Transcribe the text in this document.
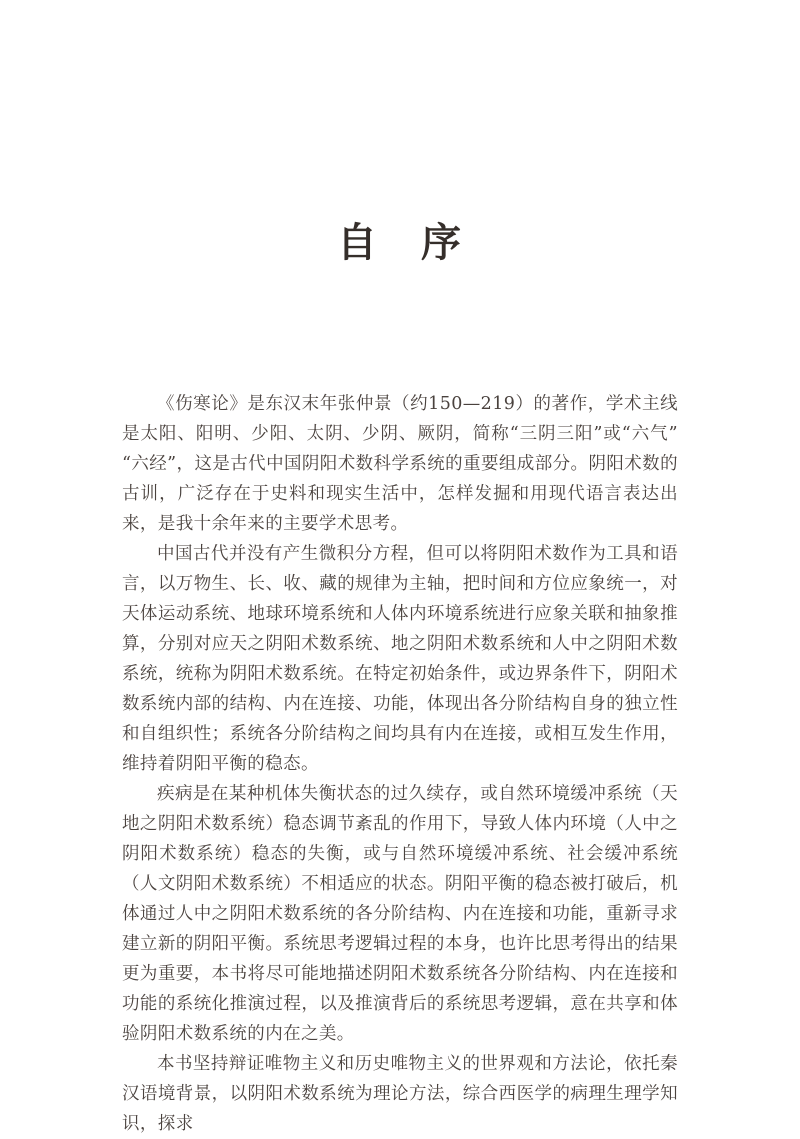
自　序

《伤寒论》是东汉末年张仲景（约150—219）的著作，学术主线是太阳、阳明、少阳、太阴、少阴、厥阴，简称“三阴三阳”或“六气”“六经”，这是古代中国阴阳术数科学系统的重要组成部分。阴阳术数的古训，广泛存在于史料和现实生活中，怎样发掘和用现代语言表达出来，是我十余年来的主要学术思考。

中国古代并没有产生微积分方程，但可以将阴阳术数作为工具和语言，以万物生、长、收、藏的规律为主轴，把时间和方位应象统一，对天体运动系统、地球环境系统和人体内环境系统进行应象关联和抽象推算，分别对应天之阴阳术数系统、地之阴阳术数系统和人中之阴阳术数系统，统称为阴阳术数系统。在特定初始条件，或边界条件下，阴阳术数系统内部的结构、内在连接、功能，体现出各分阶结构自身的独立性和自组织性；系统各分阶结构之间均具有内在连接，或相互发生作用，维持着阴阳平衡的稳态。

疾病是在某种机体失衡状态的过久续存，或自然环境缓冲系统（天地之阴阳术数系统）稳态调节紊乱的作用下，导致人体内环境（人中之阴阳术数系统）稳态的失衡，或与自然环境缓冲系统、社会缓冲系统（人文阴阳术数系统）不相适应的状态。阴阳平衡的稳态被打破后，机体通过人中之阴阳术数系统的各分阶结构、内在连接和功能，重新寻求建立新的阴阳平衡。系统思考逻辑过程的本身，也许比思考得出的结果更为重要，本书将尽可能地描述阴阳术数系统各分阶结构、内在连接和功能的系统化推演过程，以及推演背后的系统思考逻辑，意在共享和体验阴阳术数系统的内在之美。

本书坚持辩证唯物主义和历史唯物主义的世界观和方法论，依托秦汉语境背景，以阴阳术数系统为理论方法，综合西医学的病理生理学知识，探求
